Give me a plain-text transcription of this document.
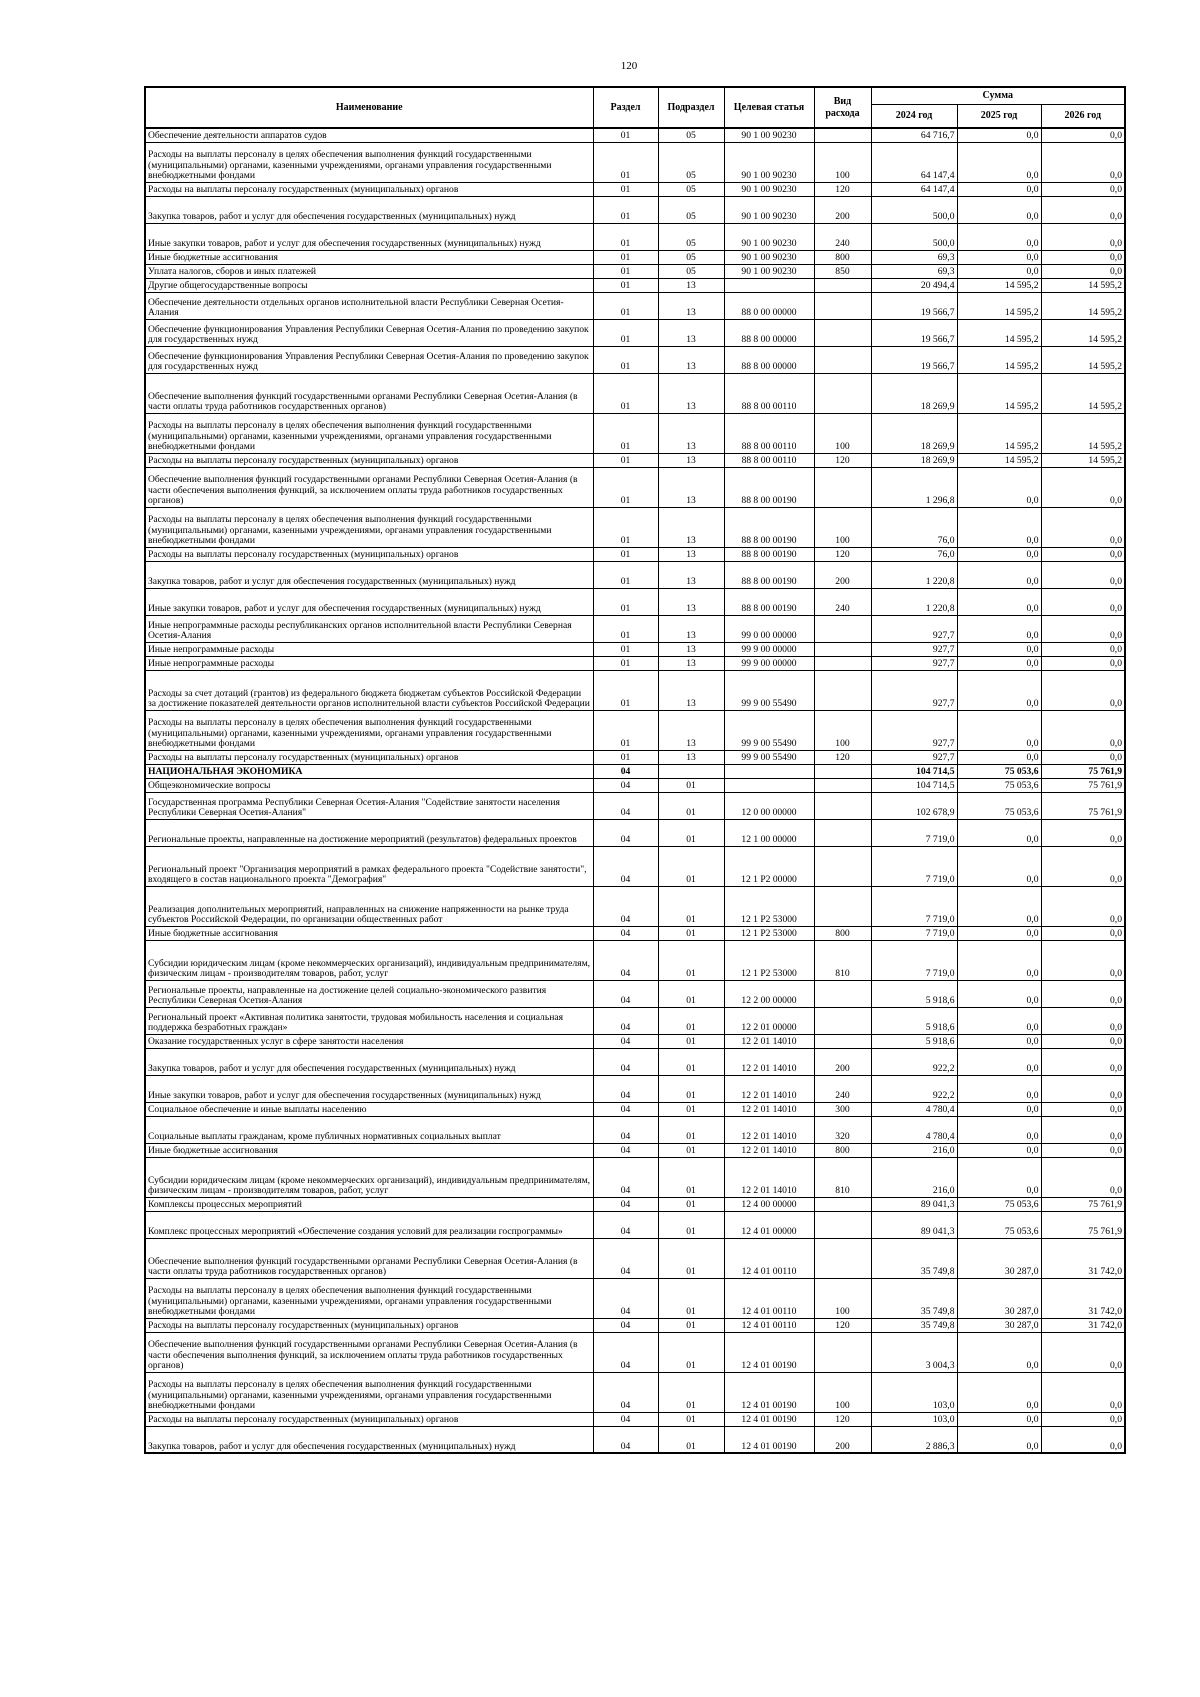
120
Наименование	Раздел	Подраздел	Целевая статья	Вид расхода	Сумма		
					2024 год	2025 год	2026 год
Обеспечение деятельности аппаратов судов	01	05	90 1 00 90230		64 716,7	0,0	0,0
Расходы на выплаты персоналу в целях обеспечения выполнения функций государственными (муниципальными) органами, казенными учреждениями, органами управления государственными внебюджетными фондами	01	05	90 1 00 90230	100	64 147,4	0,0	0,0
Расходы на выплаты персоналу государственных (муниципальных) органов	01	05	90 1 00 90230	120	64 147,4	0,0	0,0
Закупка товаров, работ и услуг для обеспечения государственных (муниципальных) нужд	01	05	90 1 00 90230	200	500,0	0,0	0,0
Иные закупки товаров, работ и услуг для обеспечения государственных (муниципальных) нужд	01	05	90 1 00 90230	240	500,0	0,0	0,0
Иные бюджетные ассигнования	01	05	90 1 00 90230	800	69,3	0,0	0,0
Уплата налогов, сборов и иных платежей	01	05	90 1 00 90230	850	69,3	0,0	0,0
Другие общегосударственные вопросы	01	13			20 494,4	14 595,2	14 595,2
Обеспечение деятельности отдельных органов исполнительной власти Республики Северная Осетия-Алания	01	13	88 0 00 00000		19 566,7	14 595,2	14 595,2
Обеспечение функционирования Управления Республики Северная Осетия-Алания по проведению закупок для государственных нужд	01	13	88 8 00 00000		19 566,7	14 595,2	14 595,2
Обеспечение функционирования Управления Республики Северная Осетия-Алания по проведению закупок для государственных нужд	01	13	88 8 00 00000		19 566,7	14 595,2	14 595,2
Обеспечение выполнения функций государственными органами Республики Северная Осетия-Алания (в части оплаты труда работников государственных органов)	01	13	88 8 00 00110		18 269,9	14 595,2	14 595,2
Расходы на выплаты персоналу в целях обеспечения выполнения функций государственными (муниципальными) органами, казенными учреждениями, органами управления государственными внебюджетными фондами	01	13	88 8 00 00110	100	18 269,9	14 595,2	14 595,2
Расходы на выплаты персоналу государственных (муниципальных) органов	01	13	88 8 00 00110	120	18 269,9	14 595,2	14 595,2
Обеспечение выполнения функций государственными органами Республики Северная Осетия-Алания (в части обеспечения выполнения функций, за исключением оплаты труда работников государственных органов)	01	13	88 8 00 00190		1 296,8	0,0	0,0
Расходы на выплаты персоналу в целях обеспечения выполнения функций государственными (муниципальными) органами, казенными учреждениями, органами управления государственными внебюджетными фондами	01	13	88 8 00 00190	100	76,0	0,0	0,0
Расходы на выплаты персоналу государственных (муниципальных) органов	01	13	88 8 00 00190	120	76,0	0,0	0,0
Закупка товаров, работ и услуг для обеспечения государственных (муниципальных) нужд	01	13	88 8 00 00190	200	1 220,8	0,0	0,0
Иные закупки товаров, работ и услуг для обеспечения государственных (муниципальных) нужд	01	13	88 8 00 00190	240	1 220,8	0,0	0,0
Иные непрограммные расходы республиканских органов исполнительной власти Республики Северная Осетия-Алания	01	13	99 0 00 00000		927,7	0,0	0,0
Иные непрограммные расходы	01	13	99 9 00 00000		927,7	0,0	0,0
Иные непрограммные расходы	01	13	99 9 00 00000		927,7	0,0	0,0
Расходы за счет дотаций (грантов) из федерального бюджета бюджетам субъектов Российской Федерации за достижение показателей деятельности органов исполнительной власти субъектов Российской Федерации	01	13	99 9 00 55490		927,7	0,0	0,0
Расходы на выплаты персоналу в целях обеспечения выполнения функций государственными (муниципальными) органами, казенными учреждениями, органами управления государственными внебюджетными фондами	01	13	99 9 00 55490	100	927,7	0,0	0,0
Расходы на выплаты персоналу государственных (муниципальных) органов	01	13	99 9 00 55490	120	927,7	0,0	0,0
НАЦИОНАЛЬНАЯ ЭКОНОМИКА	04				104 714,5	75 053,6	75 761,9
Общеэкономические вопросы	04	01			104 714,5	75 053,6	75 761,9
Государственная программа Республики Северная Осетия-Алания "Содействие занятости населения Республики Северная Осетия-Алания"	04	01	12 0 00 00000		102 678,9	75 053,6	75 761,9
Региональные проекты, направленные на достижение мероприятий (результатов) федеральных проектов	04	01	12 1 00 00000		7 719,0	0,0	0,0
Региональный проект "Организация мероприятий в рамках федерального проекта "Содействие занятости", входящего в состав национального проекта "Демография"	04	01	12 1 P2 00000		7 719,0	0,0	0,0
Реализация дополнительных мероприятий, направленных на снижение напряженности на рынке труда субъектов Российской Федерации, по организации общественных работ	04	01	12 1 P2 53000		7 719,0	0,0	0,0
Иные бюджетные ассигнования	04	01	12 1 P2 53000	800	7 719,0	0,0	0,0
Субсидии юридическим лицам (кроме некоммерческих организаций), индивидуальным предпринимателям, физическим лицам - производителям товаров, работ, услуг	04	01	12 1 P2 53000	810	7 719,0	0,0	0,0
Региональные проекты, направленные на достижение целей социально-экономического развития Республики Северная Осетия-Алания	04	01	12 2 00 00000		5 918,6	0,0	0,0
Региональный проект «Активная политика занятости, трудовая мобильность населения и социальная поддержка безработных граждан»	04	01	12 2 01 00000		5 918,6	0,0	0,0
Оказание государственных услуг в сфере занятости населения	04	01	12 2 01 14010		5 918,6	0,0	0,0
Закупка товаров, работ и услуг для обеспечения государственных (муниципальных) нужд	04	01	12 2 01 14010	200	922,2	0,0	0,0
Иные закупки товаров, работ и услуг для обеспечения государственных (муниципальных) нужд	04	01	12 2 01 14010	240	922,2	0,0	0,0
Социальное обеспечение и иные выплаты населению	04	01	12 2 01 14010	300	4 780,4	0,0	0,0
Социальные выплаты гражданам, кроме публичных нормативных социальных выплат	04	01	12 2 01 14010	320	4 780,4	0,0	0,0
Иные бюджетные ассигнования	04	01	12 2 01 14010	800	216,0	0,0	0,0
Субсидии юридическим лицам (кроме некоммерческих организаций), индивидуальным предпринимателям, физическим лицам - производителям товаров, работ, услуг	04	01	12 2 01 14010	810	216,0	0,0	0,0
Комплексы процессных мероприятий	04	01	12 4 00 00000		89 041,3	75 053,6	75 761,9
Комплекс процессных мероприятий «Обеспечение создания условий для реализации госпрограммы»	04	01	12 4 01 00000		89 041,3	75 053,6	75 761,9
Обеспечение выполнения функций государственными органами Республики Северная Осетия-Алания (в части оплаты труда работников государственных органов)	04	01	12 4 01 00110		35 749,8	30 287,0	31 742,0
Расходы на выплаты персоналу в целях обеспечения выполнения функций государственными (муниципальными) органами, казенными учреждениями, органами управления государственными внебюджетными фондами	04	01	12 4 01 00110	100	35 749,8	30 287,0	31 742,0
Расходы на выплаты персоналу государственных (муниципальных) органов	04	01	12 4 01 00110	120	35 749,8	30 287,0	31 742,0
Обеспечение выполнения функций государственными органами Республики Северная Осетия-Алания (в части обеспечения выполнения функций, за исключением оплаты труда работников государственных органов)	04	01	12 4 01 00190		3 004,3	0,0	0,0
Расходы на выплаты персоналу в целях обеспечения выполнения функций государственными (муниципальными) органами, казенными учреждениями, органами управления государственными внебюджетными фондами	04	01	12 4 01 00190	100	103,0	0,0	0,0
Расходы на выплаты персоналу государственных (муниципальных) органов	04	01	12 4 01 00190	120	103,0	0,0	0,0
Закупка товаров, работ и услуг для обеспечения государственных (муниципальных) нужд	04	01	12 4 01 00190	200	2 886,3	0,0	0,0
